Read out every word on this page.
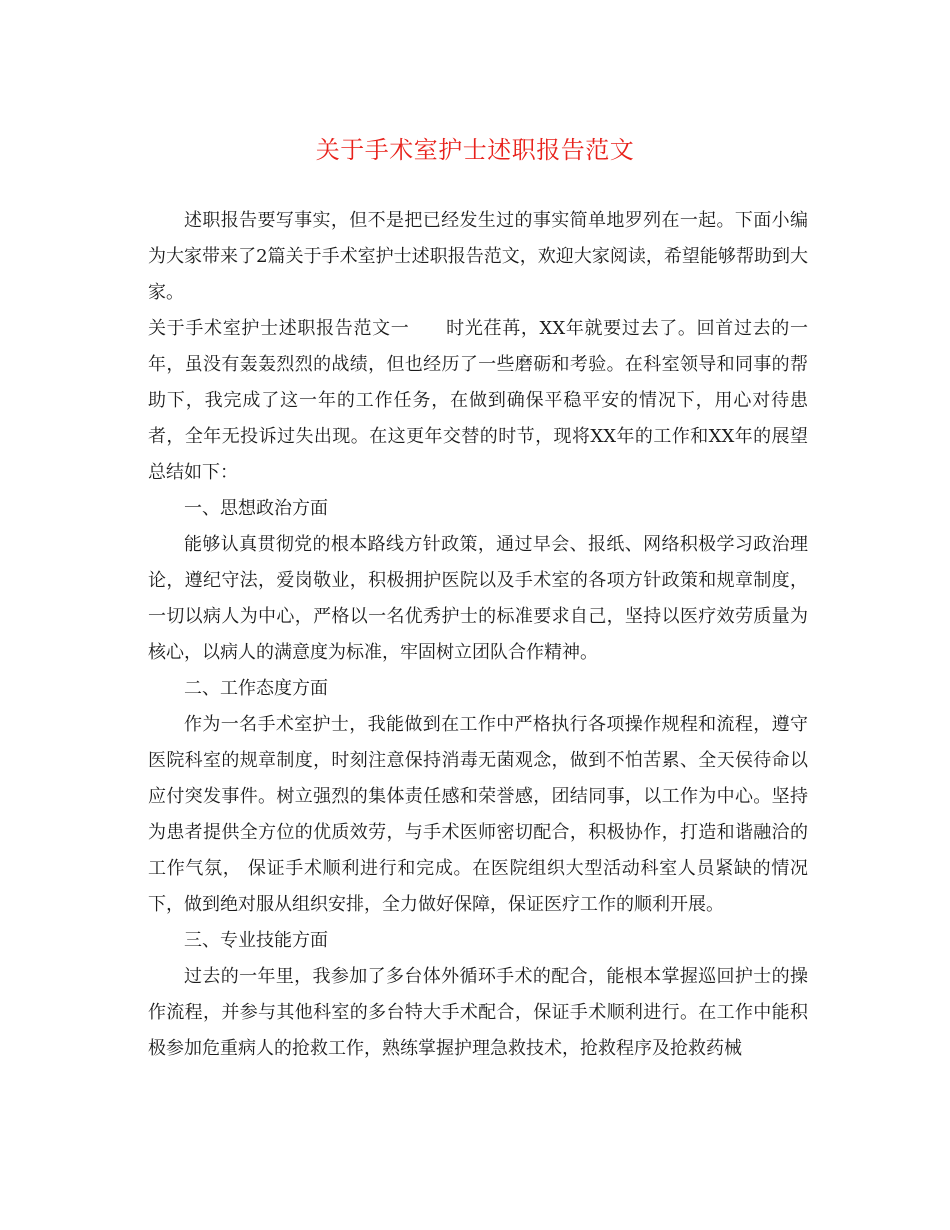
关于手术室护士述职报告范文

述职报告要写事实，但不是把已经发生过的事实简单地罗列在一起。下面小编为大家带来了2篇关于手术室护士述职报告范文，欢迎大家阅读，希望能够帮助到大家。

关于手术室护士述职报告范文一 时光荏苒，XX年就要过去了。回首过去的一年，虽没有轰轰烈烈的战绩，但也经历了一些磨砺和考验。在科室领导和同事的帮助下，我完成了这一年的工作任务，在做到确保平稳平安的情况下，用心对待患者，全年无投诉过失出现。在这更年交替的时节，现将XX年的工作和XX年的展望总结如下：

一、思想政治方面

能够认真贯彻党的根本路线方针政策，通过早会、报纸、网络积极学习政治理论，遵纪守法，爱岗敬业，积极拥护医院以及手术室的各项方针政策和规章制度，一切以病人为中心，严格以一名优秀护士的标准要求自己，坚持以医疗效劳质量为核心，以病人的满意度为标准，牢固树立团队合作精神。

二、工作态度方面

作为一名手术室护士，我能做到在工作中严格执行各项操作规程和流程，遵守医院科室的规章制度，时刻注意保持消毒无菌观念，做到不怕苦累、全天侯待命以应付突发事件。树立强烈的集体责任感和荣誉感，团结同事，以工作为中心。坚持为患者提供全方位的优质效劳，与手术医师密切配合，积极协作，打造和谐融洽的工作气氛， 保证手术顺利进行和完成。在医院组织大型活动科室人员紧缺的情况下，做到绝对服从组织安排，全力做好保障，保证医疗工作的顺利开展。

三、专业技能方面

过去的一年里，我参加了多台体外循环手术的配合，能根本掌握巡回护士的操作流程，并参与其他科室的多台特大手术配合，保证手术顺利进行。在工作中能积极参加危重病人的抢救工作，熟练掌握护理急救技术，抢救程序及抢救药械
